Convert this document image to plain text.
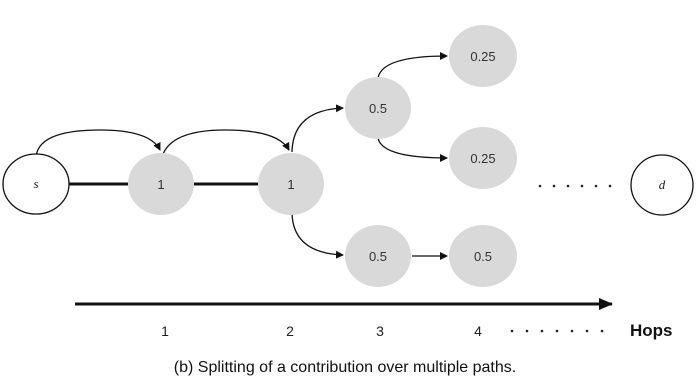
s	1	1
0.5
0.5
0.25
0.25
0.5
d
1	2	3	4	Hops
(b) Splitting of a contribution over multiple paths.
